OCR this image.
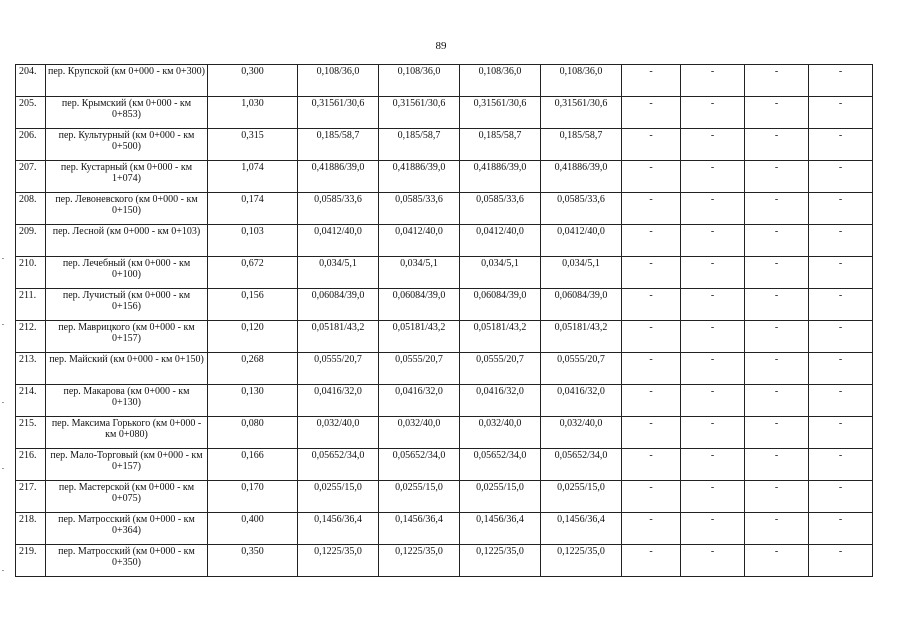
89
204.	пер. Крупской (км 0+000 - км 0+300)	0,300	0,108/36,0	0,108/36,0	0,108/36,0	0,108/36,0	-	-	-	-
205.	пер. Крымский (км 0+000 - км 0+853)	1,030	0,31561/30,6	0,31561/30,6	0,31561/30,6	0,31561/30,6	-	-	-	-
206.	пер. Культурный (км 0+000 - км 0+500)	0,315	0,185/58,7	0,185/58,7	0,185/58,7	0,185/58,7	-	-	-	-
207.	пер. Кустарный (км 0+000 - км 1+074)	1,074	0,41886/39,0	0,41886/39,0	0,41886/39,0	0,41886/39,0	-	-	-	-
208.	пер. Левоневского (км 0+000 - км 0+150)	0,174	0,0585/33,6	0,0585/33,6	0,0585/33,6	0,0585/33,6	-	-	-	-
209.	пер. Лесной (км 0+000 - км 0+103)	0,103	0,0412/40,0	0,0412/40,0	0,0412/40,0	0,0412/40,0	-	-	-	-
210.	пер. Лечебный (км 0+000 - км 0+100)	0,672	0,034/5,1	0,034/5,1	0,034/5,1	0,034/5,1	-	-	-	-
211.	пер. Лучистый (км 0+000 - км 0+156)	0,156	0,06084/39,0	0,06084/39,0	0,06084/39,0	0,06084/39,0	-	-	-	-
212.	пер. Маврицкого (км 0+000 - км 0+157)	0,120	0,05181/43,2	0,05181/43,2	0,05181/43,2	0,05181/43,2	-	-	-	-
213.	пер. Майский (км 0+000 - км 0+150)	0,268	0,0555/20,7	0,0555/20,7	0,0555/20,7	0,0555/20,7	-	-	-	-
214.	пер. Макарова (км 0+000 - км 0+130)	0,130	0,0416/32,0	0,0416/32,0	0,0416/32,0	0,0416/32,0	-	-	-	-
215.	пер. Максима Горького (км 0+000 - км 0+080)	0,080	0,032/40,0	0,032/40,0	0,032/40,0	0,032/40,0	-	-	-	-
216.	пер. Мало-Торговый (км 0+000 - км 0+157)	0,166	0,05652/34,0	0,05652/34,0	0,05652/34,0	0,05652/34,0	-	-	-	-
217.	пер. Мастерской (км 0+000 - км 0+075)	0,170	0,0255/15,0	0,0255/15,0	0,0255/15,0	0,0255/15,0	-	-	-	-
218.	пер. Матросский (км 0+000 - км 0+364)	0,400	0,1456/36,4	0,1456/36,4	0,1456/36,4	0,1456/36,4	-	-	-	-
219.	пер. Матросский (км 0+000 - км 0+350)	0,350	0,1225/35,0	0,1225/35,0	0,1225/35,0	0,1225/35,0	-	-	-	-
